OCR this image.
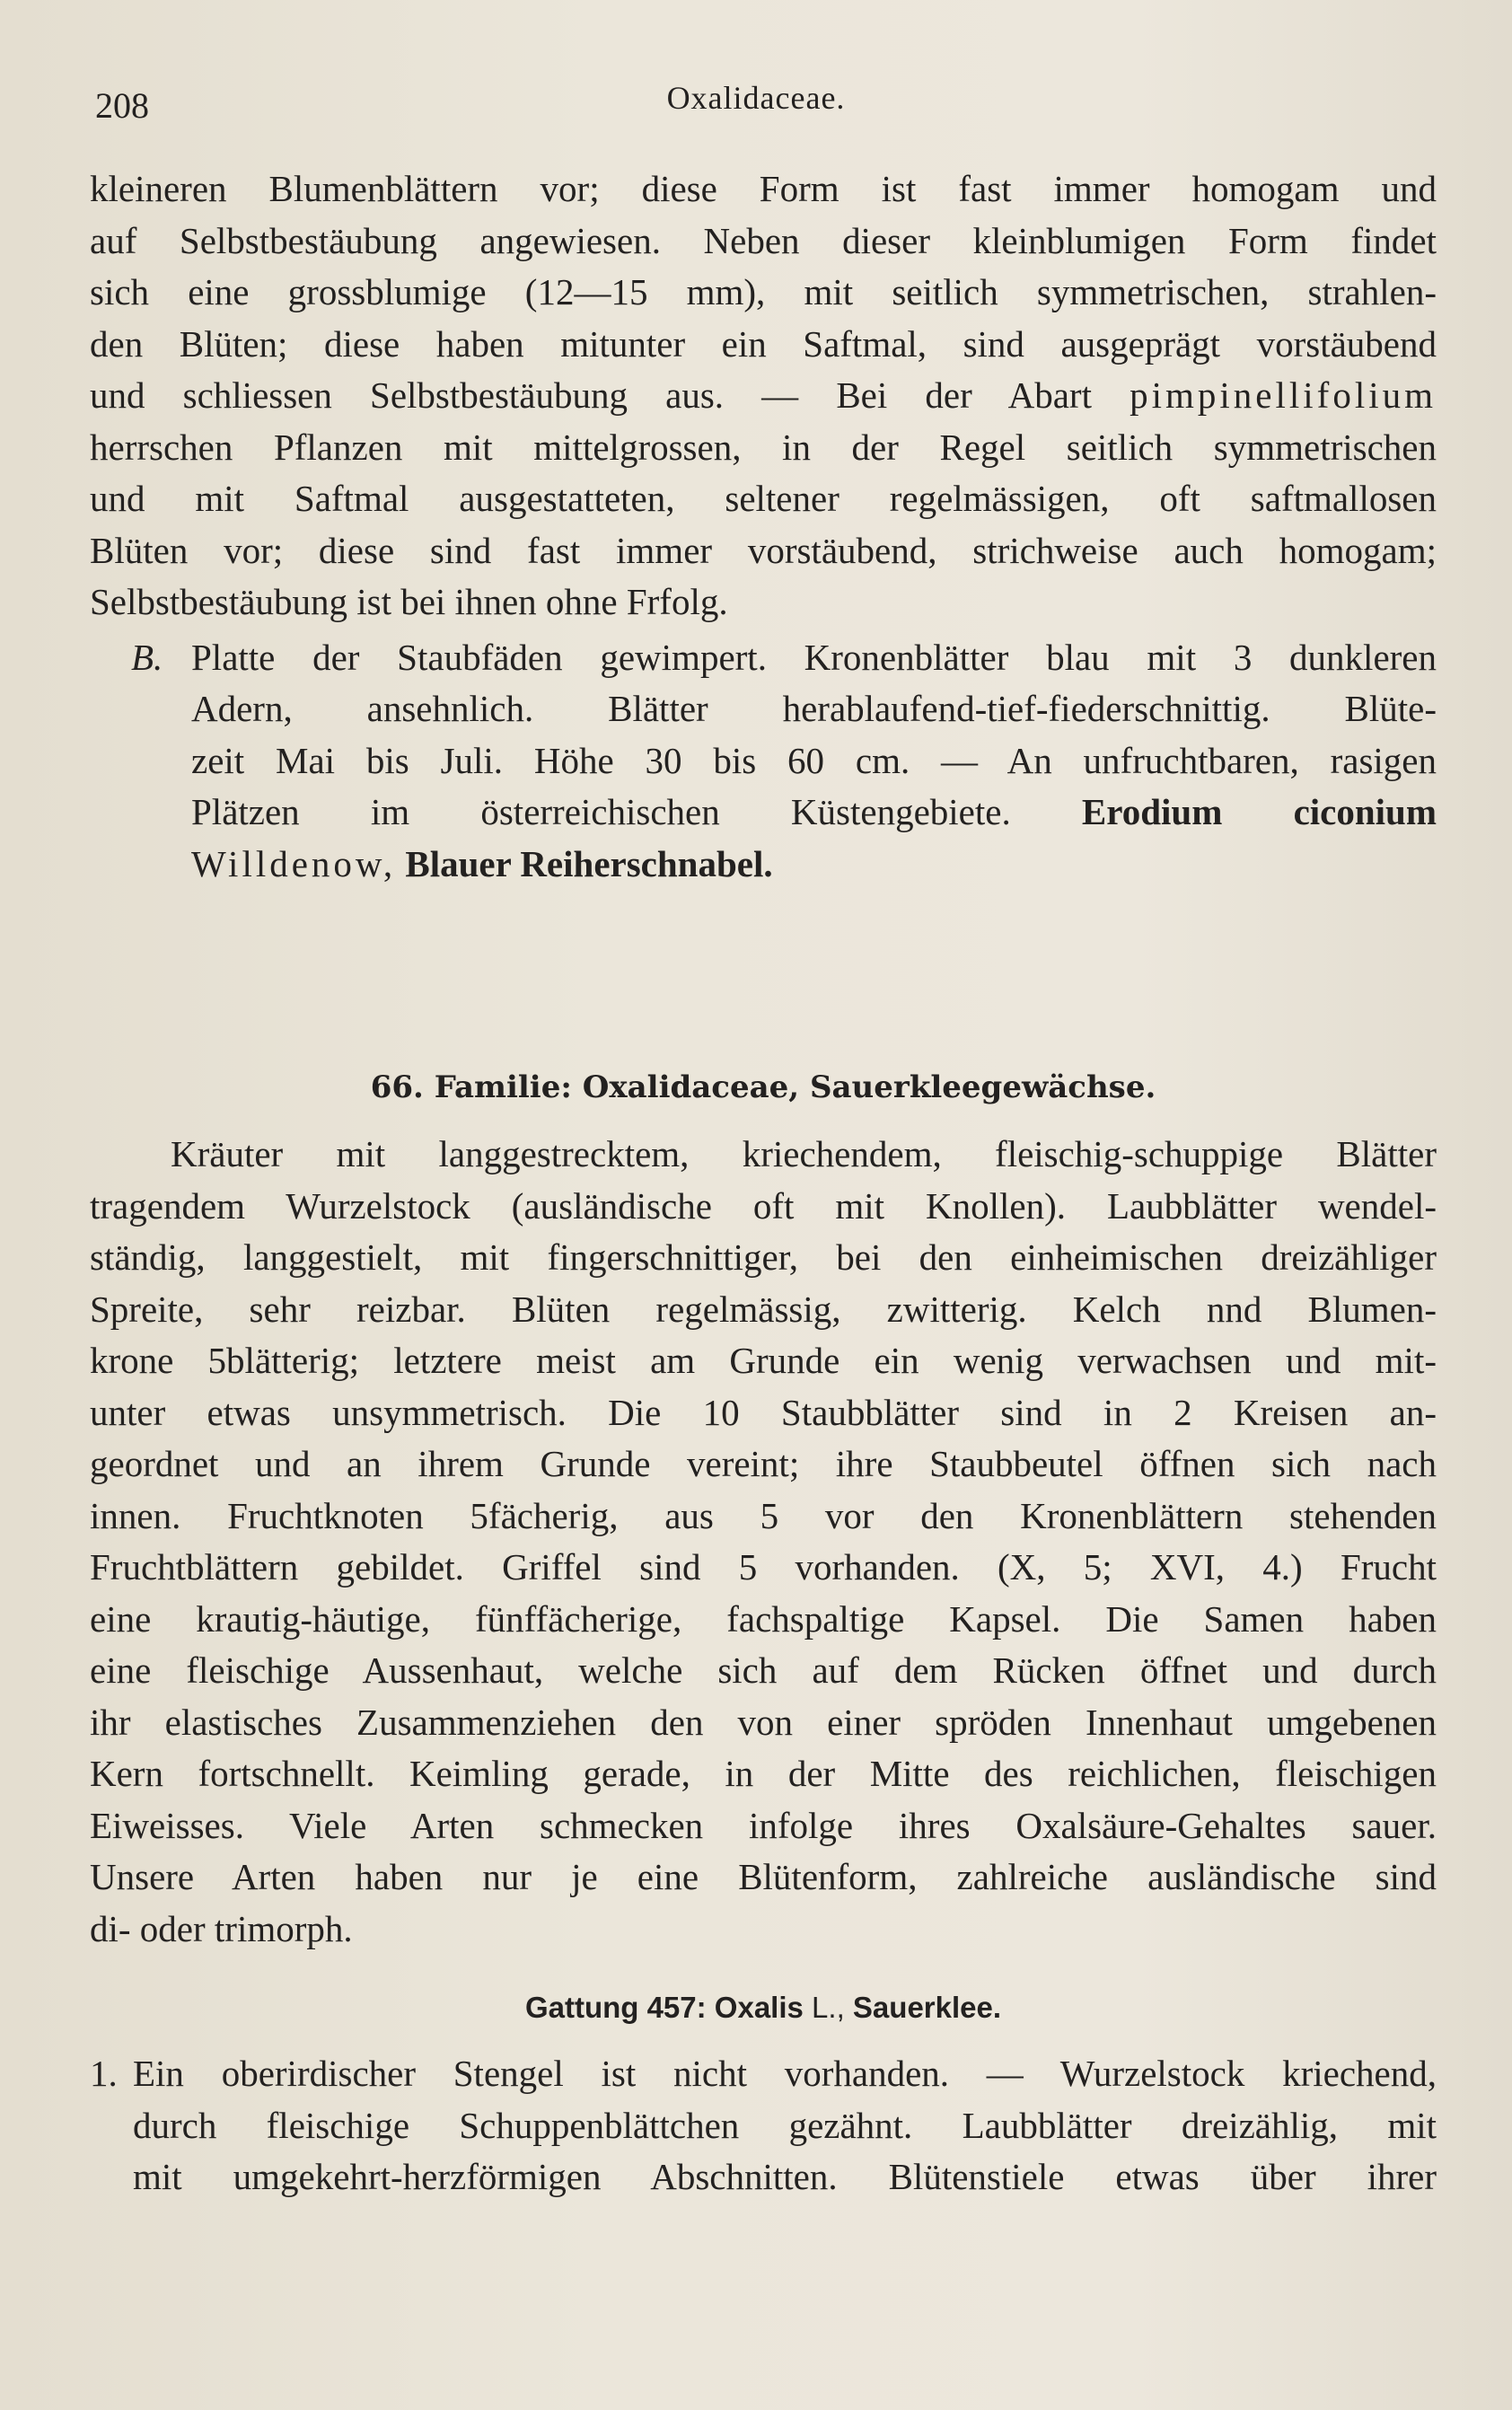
208	Oxalidaceae.

kleineren Blumenblättern vor; diese Form ist fast immer homogam und
auf Selbstbestäubung angewiesen. Neben dieser kleinblumigen Form findet
sich eine grossblumige (12—15 mm), mit seitlich symmetrischen, strahlen-
den Blüten; diese haben mitunter ein Saftmal, sind ausgeprägt vorstäubend
und schliessen Selbstbestäubung aus. — Bei der Abart pimpinellifolium
herrschen Pflanzen mit mittelgrossen, in der Regel seitlich symmetrischen
und mit Saftmal ausgestatteten, seltener regelmässigen, oft saftmallosen
Blüten vor; diese sind fast immer vorstäubend, strichweise auch homogam;
Selbstbestäubung ist bei ihnen ohne Frfolg.

B. Platte der Staubfäden gewimpert. Kronenblätter blau mit 3 dunkleren
Adern, ansehnlich. Blätter herablaufend-tief-fiederschnittig. Blüte-
zeit Mai bis Juli. Höhe 30 bis 60 cm. — An unfruchtbaren, rasigen
Plätzen im österreichischen Küstengebiete. Erodium ciconium
Willdenow, Blauer Reiherschnabel.
66. Familie: Oxalidaceae, Sauerkleegewächse.

Kräuter mit langgestrecktem, kriechendem, fleischig-schuppige Blätter
tragendem Wurzelstock (ausländische oft mit Knollen). Laubblätter wendel-
ständig, langgestielt, mit fingerschnittiger, bei den einheimischen dreizähliger
Spreite, sehr reizbar. Blüten regelmässig, zwitterig. Kelch nnd Blumen-
krone 5blätterig; letztere meist am Grunde ein wenig verwachsen und mit-
unter etwas unsymmetrisch. Die 10 Staubblätter sind in 2 Kreisen an-
geordnet und an ihrem Grunde vereint; ihre Staubbeutel öffnen sich nach
innen. Fruchtknoten 5fächerig, aus 5 vor den Kronenblättern stehenden
Fruchtblättern gebildet. Griffel sind 5 vorhanden. (X, 5; XVI, 4.) Frucht
eine krautig-häutige, fünffächerige, fachspaltige Kapsel. Die Samen haben
eine fleischige Aussenhaut, welche sich auf dem Rücken öffnet und durch
ihr elastisches Zusammenziehen den von einer spröden Innenhaut umgebenen
Kern fortschnellt. Keimling gerade, in der Mitte des reichlichen, fleischigen
Eiweisses. Viele Arten schmecken infolge ihres Oxalsäure-Gehaltes sauer.
Unsere Arten haben nur je eine Blütenform, zahlreiche ausländische sind
di- oder trimorph.

Gattung 457: Oxalis L., Sauerklee.
1. Ein oberirdischer Stengel ist nicht vorhanden. — Wurzelstock kriechend,
durch fleischige Schuppenblättchen gezähnt. Laubblätter dreizählig, mit
mit umgekehrt-herzförmigen Abschnitten. Blütenstiele etwas über ihrer
